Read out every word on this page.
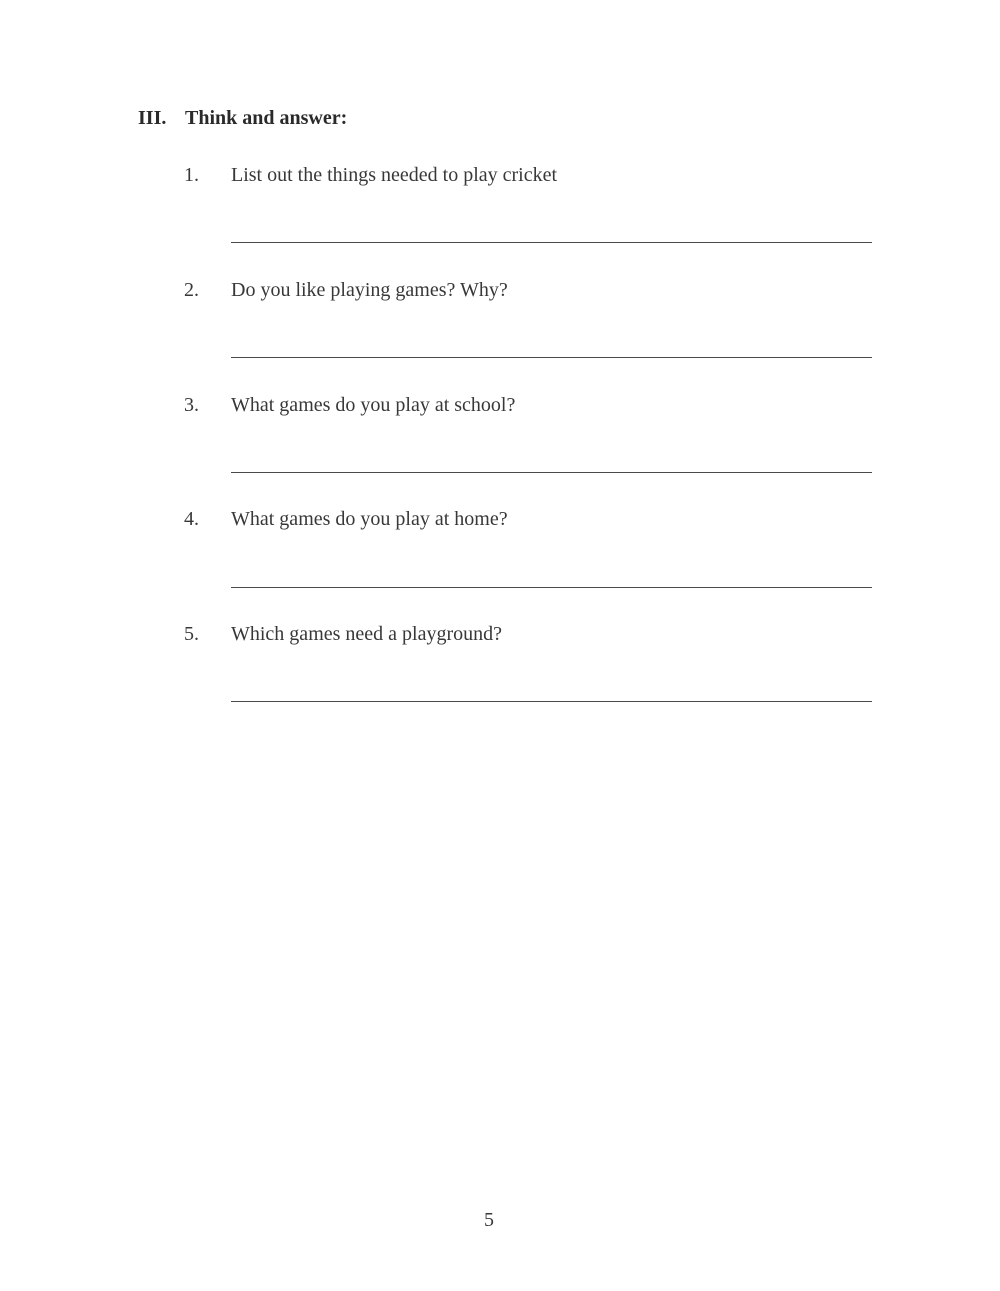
III. Think and answer:
1. List out the things needed to play cricket
2. Do you like playing games? Why?
3. What games do you play at school?
4. What games do you play at home?
5. Which games need a playground?
5
